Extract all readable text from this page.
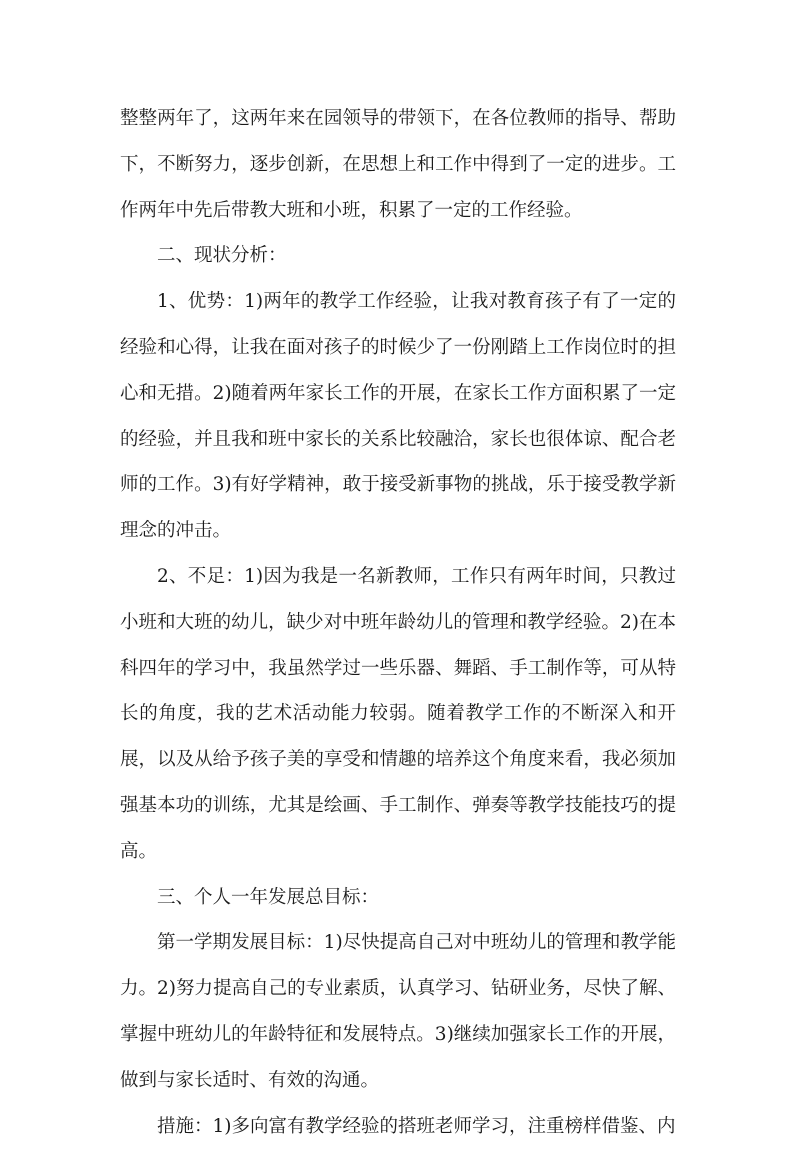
整整两年了，这两年来在园领导的带领下，在各位教师的指导、帮助下，不断努力，逐步创新，在思想上和工作中得到了一定的进步。工作两年中先后带教大班和小班，积累了一定的工作经验。

二、现状分析：

1、优势：1)两年的教学工作经验，让我对教育孩子有了一定的经验和心得，让我在面对孩子的时候少了一份刚踏上工作岗位时的担心和无措。2)随着两年家长工作的开展，在家长工作方面积累了一定的经验，并且我和班中家长的关系比较融洽，家长也很体谅、配合老师的工作。3)有好学精神，敢于接受新事物的挑战，乐于接受教学新理念的冲击。

2、不足：1)因为我是一名新教师，工作只有两年时间，只教过小班和大班的幼儿，缺少对中班年龄幼儿的管理和教学经验。2)在本科四年的学习中，我虽然学过一些乐器、舞蹈、手工制作等，可从特长的角度，我的艺术活动能力较弱。随着教学工作的不断深入和开展，以及从给予孩子美的享受和情趣的培养这个角度来看，我必须加强基本功的训练，尤其是绘画、手工制作、弹奏等教学技能技巧的提高。

三、个人一年发展总目标：

第一学期发展目标：1)尽快提高自己对中班幼儿的管理和教学能力。2)努力提高自己的专业素质，认真学习、钻研业务，尽快了解、掌握中班幼儿的年龄特征和发展特点。3)继续加强家长工作的开展，做到与家长适时、有效的沟通。

措施：1)多向富有教学经验的搭班老师学习，注重榜样借鉴、内
